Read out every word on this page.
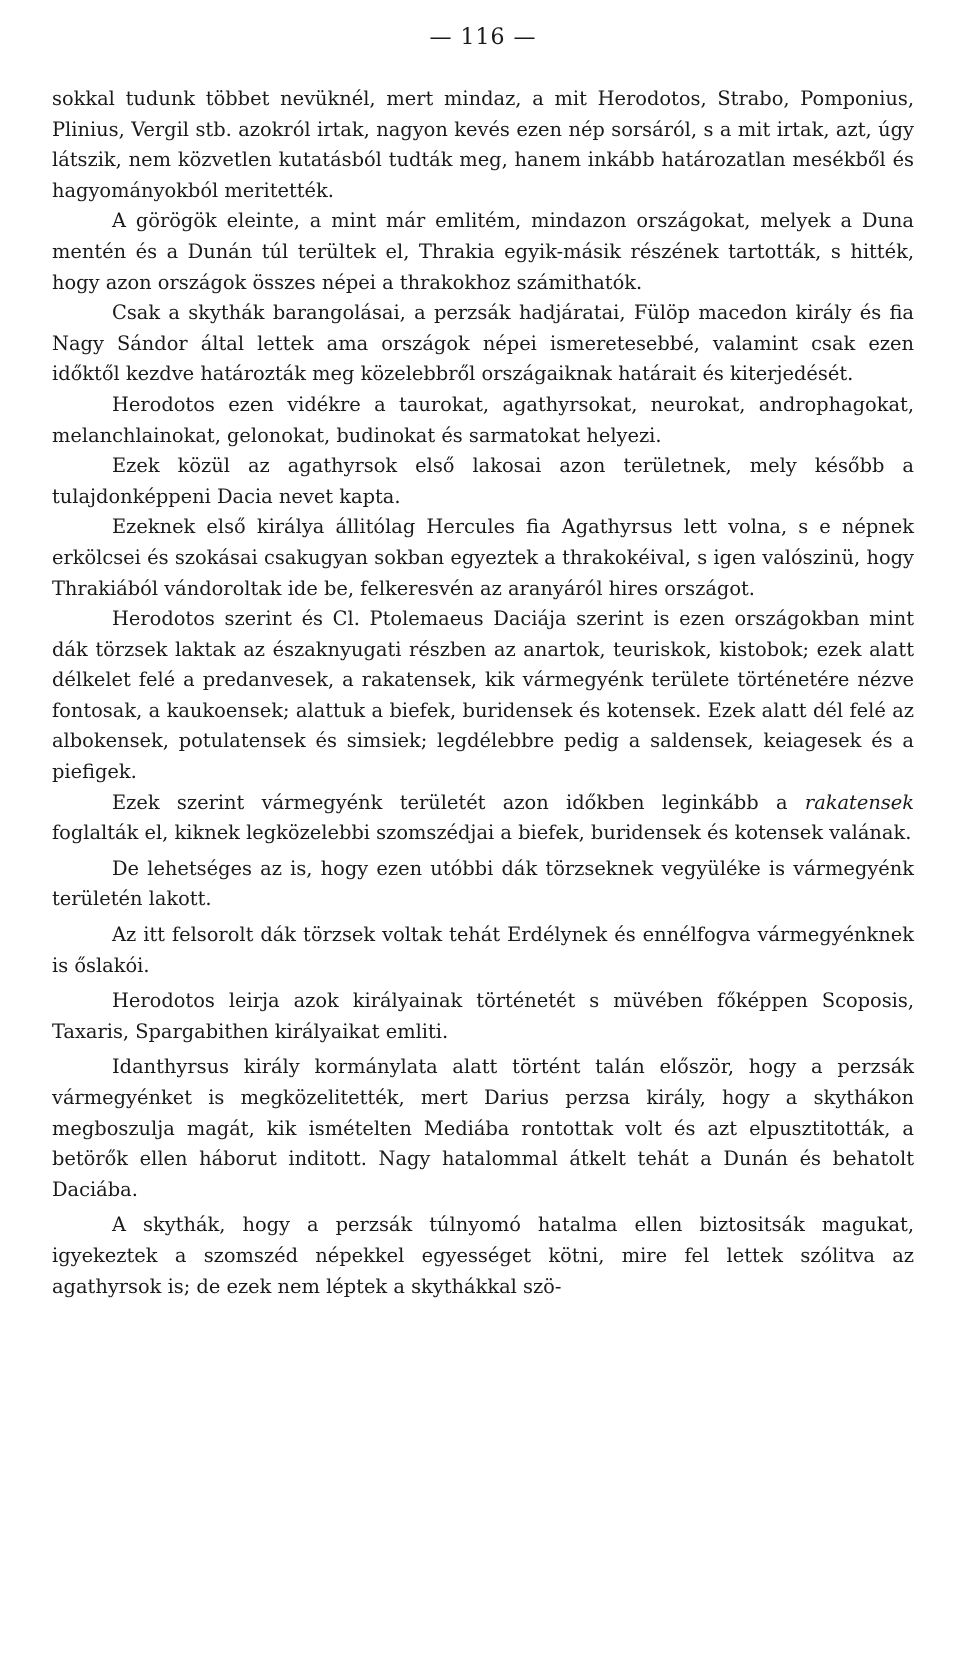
— 116 —

sokkal tudunk többet nevüknél, mert mindaz, a mit Herodotos, Strabo, Pomponius, Plinius, Vergil stb. azokról irtak, nagyon kevés ezen nép sorsáról, s a mit irtak, azt, úgy látszik, nem közvetlen kutatásból tudták meg, hanem inkább határozatlan mesékből és hagyományokból meritették.

A görögök eleinte, a mint már emlitém, mindazon országokat, melyek a Duna mentén és a Dunán túl terültek el, Thrakia egyik-másik részének tartották, s hitték, hogy azon országok összes népei a thrakokhoz számithatók.

Csak a skythák barangolásai, a perzsák hadjáratai, Fülöp macedon király és fia Nagy Sándor által lettek ama országok népei ismeretesebbé, valamint csak ezen időktől kezdve határozták meg közelebbről országaiknak határait és kiterjedését.

Herodotos ezen vidékre a taurokat, agathyrsokat, neurokat, androphagokat, melanchlainokat, gelonokat, budinokat és sarmatokat helyezi.

Ezek közül az agathyrsok első lakosai azon területnek, mely később a tulajdonképpeni Dacia nevet kapta.

Ezeknek első királya állitólag Hercules fia Agathyrsus lett volna, s e népnek erkölcsei és szokásai csakugyan sokban egyeztek a thrakokéival, s igen valószinü, hogy Thrakiából vándoroltak ide be, felkeresvén az aranyáról hires országot.

Herodotos szerint és Cl. Ptolemaeus Daciája szerint is ezen országokban mint dák törzsek laktak az északnyugati részben az anartok, teuriskok, kistobok; ezek alatt délkelet felé a predanvesek, a rakatensek, kik vármegyénk területe történetére nézve fontosak, a kaukoensek; alattuk a biefek, buridensek és kotensek. Ezek alatt dél felé az albokensek, potulatensek és simsiek; legdélebbre pedig a saldensek, keiagesek és a piefigek.

Ezek szerint vármegyénk területét azon időkben leginkább a rakatensek foglalták el, kiknek legközelebbi szomszédjai a biefek, buridensek és kotensek valának.

De lehetséges az is, hogy ezen utóbbi dák törzseknek vegyüléke is vármegyénk területén lakott.

Az itt felsorolt dák törzsek voltak tehát Erdélynek és ennélfogva vármegyénknek is őslakói.

Herodotos leirja azok királyainak történetét s müvében főképpen Scoposis, Taxaris, Spargabithen királyaikat emliti.

Idanthyrsus király kormánylata alatt történt talán először, hogy a perzsák vármegyénket is megközelitették, mert Darius perzsa király, hogy a skythákon megboszulja magát, kik ismételten Mediába rontottak volt és azt elpusztitották, a betörők ellen háborut inditott. Nagy hatalommal átkelt tehát a Dunán és behatolt Daciába.

A skythák, hogy a perzsák túlnyomó hatalma ellen biztositsák magukat, igyekeztek a szomszéd népekkel egyességet kötni, mire fel lettek szólitva az agathyrsok is; de ezek nem léptek a skythákkal szö-
